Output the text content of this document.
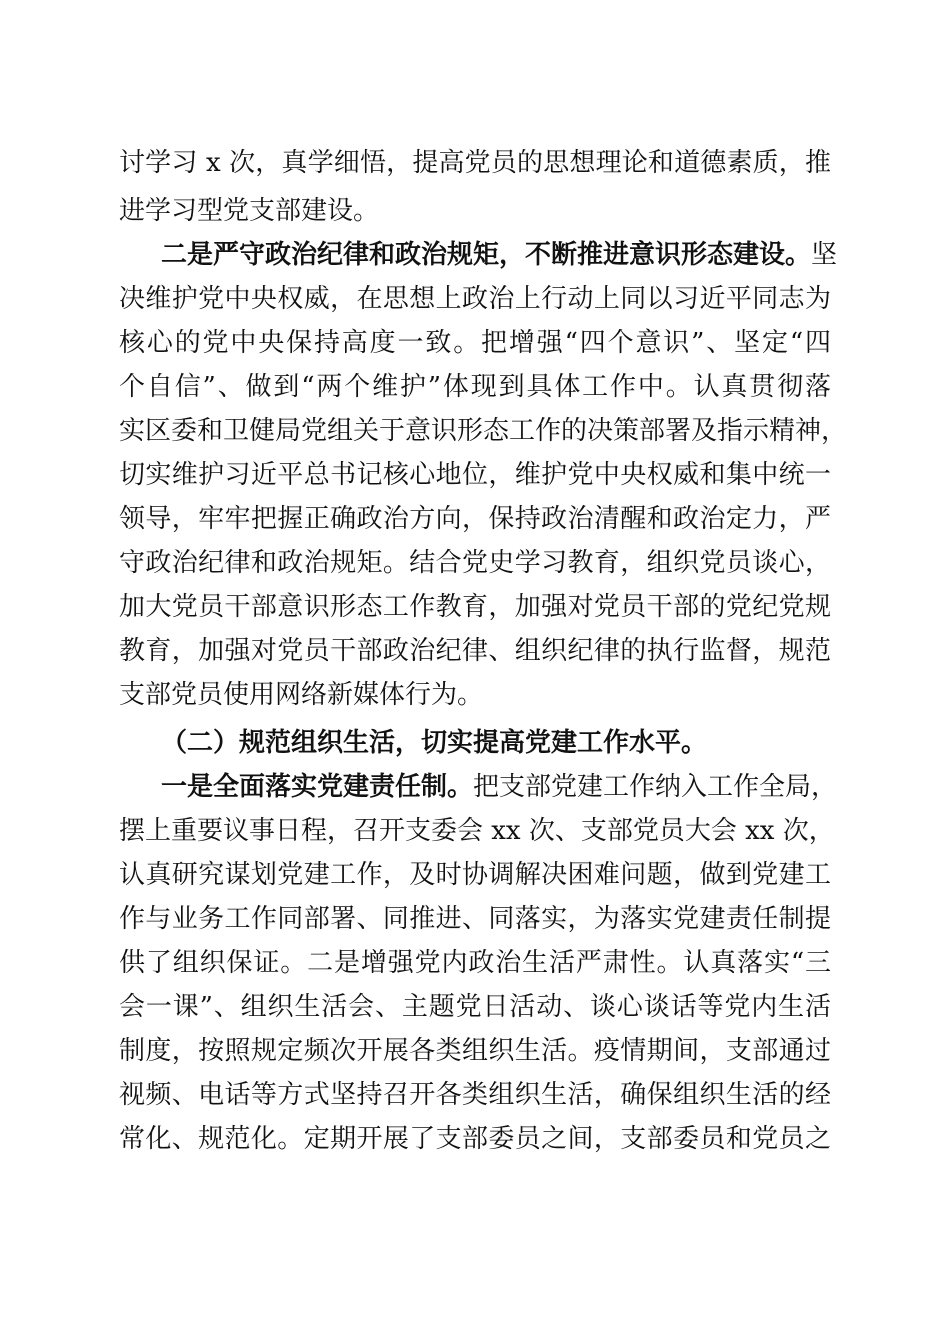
讨学习 x 次，真学细悟，提高党员的思想理论和道德素质，推
进学习型党支部建设。
二是严守政治纪律和政治规矩，不断推进意识形态建设。坚
决维护党中央权威，在思想上政治上行动上同以习近平同志为
核心的党中央保持高度一致。把增强“四个意识”、坚定“四
个自信”、做到“两个维护”体现到具体工作中。认真贯彻落
实区委和卫健局党组关于意识形态工作的决策部署及指示精神，
切实维护习近平总书记核心地位，维护党中央权威和集中统一
领导，牢牢把握正确政治方向，保持政治清醒和政治定力，严
守政治纪律和政治规矩。结合党史学习教育，组织党员谈心，
加大党员干部意识形态工作教育，加强对党员干部的党纪党规
教育，加强对党员干部政治纪律、组织纪律的执行监督，规范
支部党员使用网络新媒体行为。
（二）规范组织生活，切实提高党建工作水平。
一是全面落实党建责任制。把支部党建工作纳入工作全局，
摆上重要议事日程，召开支委会 xx 次、支部党员大会 xx 次，
认真研究谋划党建工作，及时协调解决困难问题，做到党建工
作与业务工作同部署、同推进、同落实，为落实党建责任制提
供了组织保证。二是增强党内政治生活严肃性。认真落实“三
会一课”、组织生活会、主题党日活动、谈心谈话等党内生活
制度，按照规定频次开展各类组织生活。疫情期间，支部通过
视频、电话等方式坚持召开各类组织生活，确保组织生活的经
常化、规范化。定期开展了支部委员之间，支部委员和党员之
